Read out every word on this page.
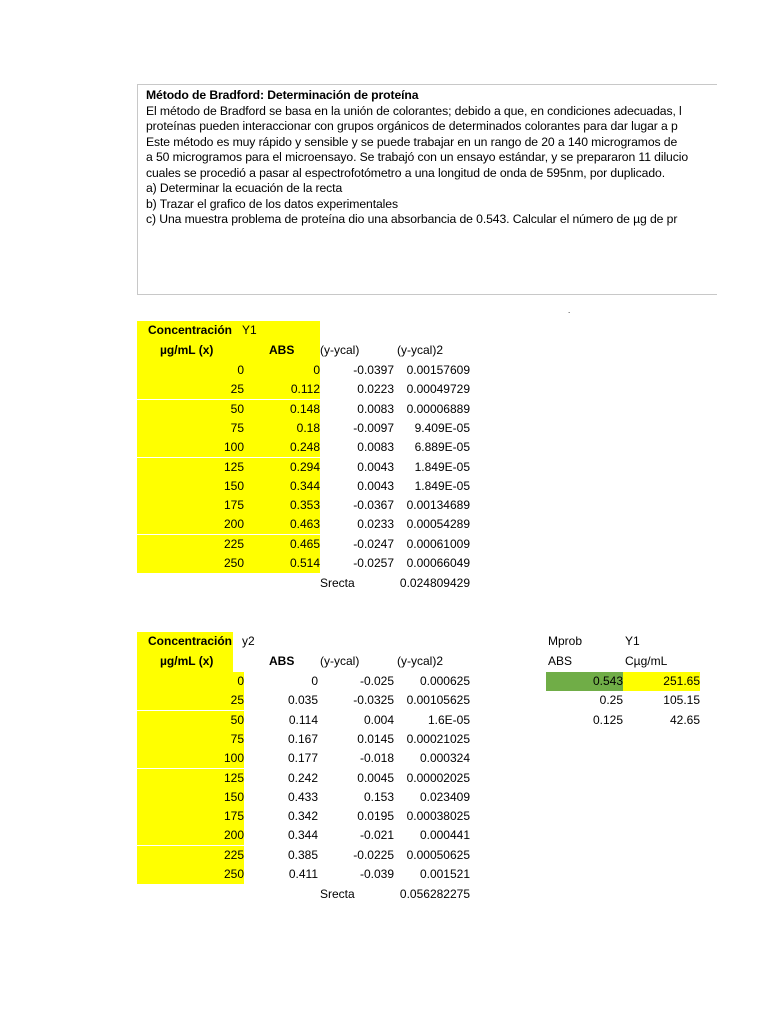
Método de Bradford: Determinación de proteína
El método de Bradford se basa en la unión de colorantes; debido a que, en condiciones adecuadas, l
proteínas pueden interaccionar con grupos orgánicos de determinados colorantes para dar lugar a p
Este método es muy rápido y sensible y se puede trabajar en un rango de 20 a 140 microgramos de
a 50 microgramos para el microensayo. Se trabajó con un ensayo estándar, y se prepararon 11 dilucio
cuales se procedió a pasar al espectrofotómetro a una longitud de onda de 595nm, por duplicado.
a) Determinar la ecuación de la recta
b) Trazar el grafico de los datos experimentales
c) Una muestra problema de proteína dio una absorbancia de 0.543. Calcular el número de µg de pr
.
Concentración Y1
µg/mL (x)	ABS (y-ycal)	(y-ycal)2
0	0	-0.0397	0.00157609
25	0.112	0.0223	0.00049729
50	0.148	0.0083	0.00006889
75	0.18	-0.0097	9.409E-05
100	0.248	0.0083	6.889E-05
125	0.294	0.0043	1.849E-05
150	0.344	0.0043	1.849E-05
175	0.353	-0.0367	0.00134689
200	0.463	0.0233	0.00054289
225	0.465	-0.0247	0.00061009
250	0.514	-0.0257	0.00066049
Srecta	0.024809429
Concentración y2
µg/mL (x)	ABS (y-ycal)	(y-ycal)2
0	0	-0.025	0.000625
25	0.035	-0.0325	0.00105625
50	0.114	0.004	1.6E-05
75	0.167	0.0145	0.00021025
100	0.177	-0.018	0.000324
125	0.242	0.0045	0.00002025
150	0.433	0.153	0.023409
175	0.342	0.0195	0.00038025
200	0.344	-0.021	0.000441
225	0.385	-0.0225	0.00050625
250	0.411	-0.039	0.001521
Srecta	0.056282275
Mprob	Y1
ABS	Cµg/mL
0.543	251.65
0.25	105.15
0.125	42.65
